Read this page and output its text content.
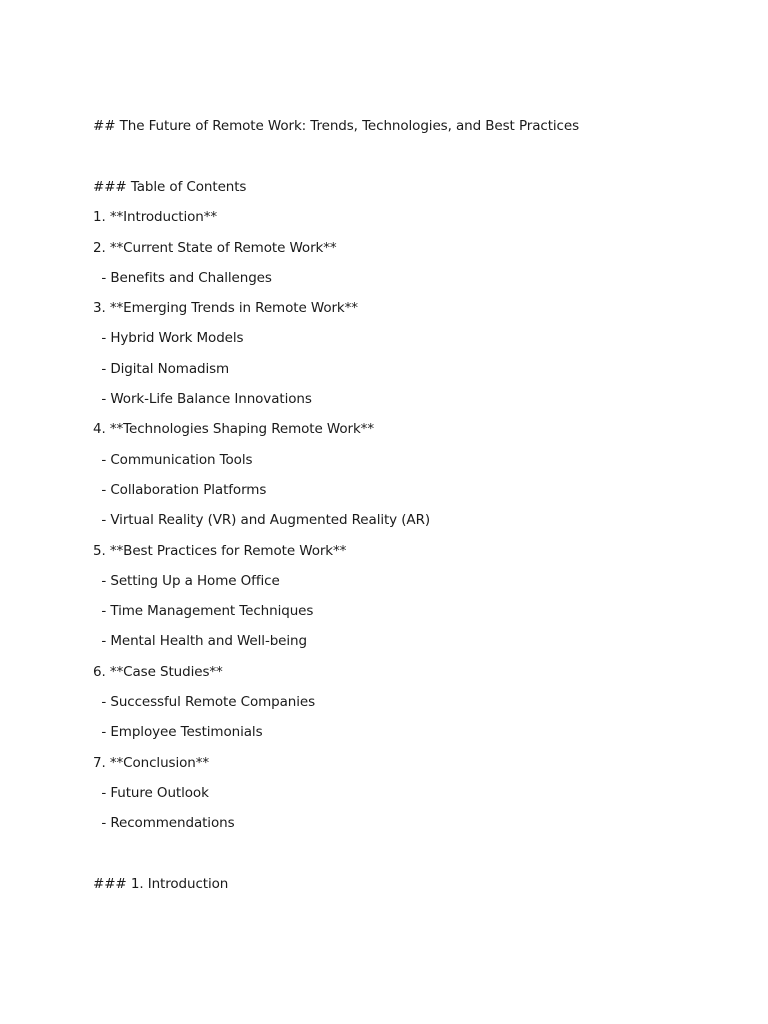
## The Future of Remote Work: Trends, Technologies, and Best Practices
### Table of Contents
1. **Introduction**
2. **Current State of Remote Work**
- Benefits and Challenges
3. **Emerging Trends in Remote Work**
- Hybrid Work Models
- Digital Nomadism
- Work-Life Balance Innovations
4. **Technologies Shaping Remote Work**
- Communication Tools
- Collaboration Platforms
- Virtual Reality (VR) and Augmented Reality (AR)
5. **Best Practices for Remote Work**
- Setting Up a Home Office
- Time Management Techniques
- Mental Health and Well-being
6. **Case Studies**
- Successful Remote Companies
- Employee Testimonials
7. **Conclusion**
- Future Outlook
- Recommendations
### 1. Introduction
